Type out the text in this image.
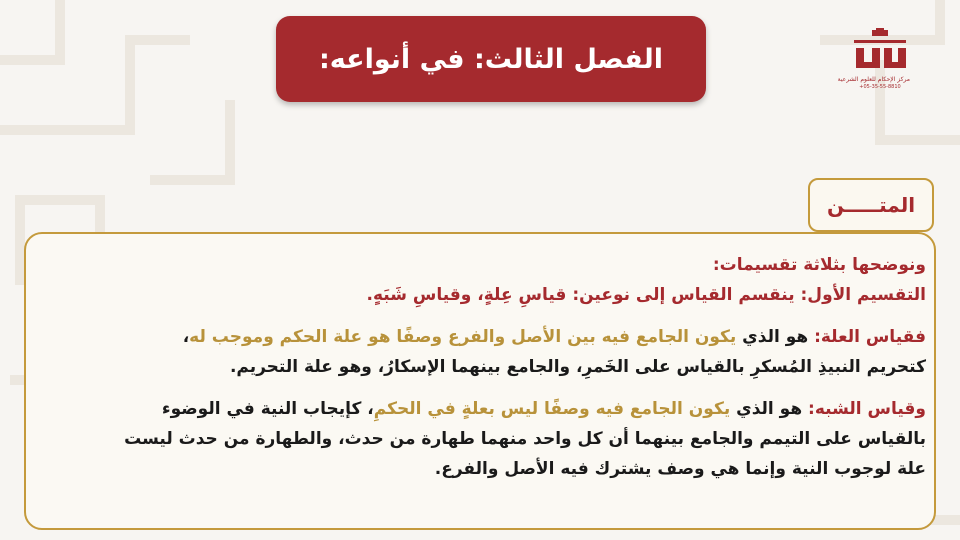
الفصل الثالث: في أنواعه:
مركز الإحكام للعلوم الشرعية
+05-35-55-8810
المتـــــن
ونوضحها بثلاثة تقسيمات:
التقسيم الأول: ينقسم القياس إلى نوعين: قياسِ عِلةٍ، وقياسِ شَبَهٍ.
فقياس العلة: هو الذي يكون الجامع فيه بين الأصل والفرع وصفًا هو علة الحكم وموجب له،
كتحريم النبيذِ المُسكرِ بالقياس على الخَمرِ، والجامع بينهما الإسكارُ، وهو علة التحريم.
وقياس الشبه: هو الذي يكون الجامع فيه وصفًا ليس بعلةٍ في الحكمِ، كإيجاب النية في الوضوء
بالقياس على التيمم والجامع بينهما أن كل واحد منهما طهارة من حدث، والطهارة من حدث ليست
علة لوجوب النية وإنما هي وصف يشترك فيه الأصل والفرع.
